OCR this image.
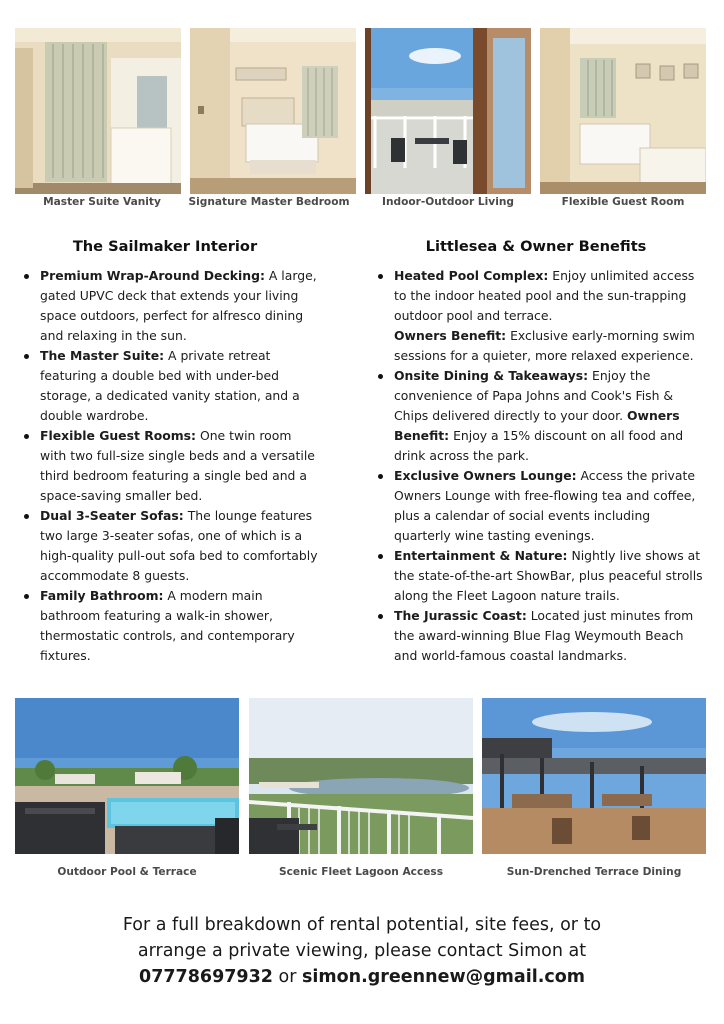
Master Suite Vanity	Signature Master Bedroom	Indoor-Outdoor Living	Flexible Guest Room
The Sailmaker Interior
Premium Wrap-Around Decking: A large, gated UPVC deck that extends your living space outdoors, perfect for alfresco dining and relaxing in the sun.
The Master Suite: A private retreat featuring a double bed with under-bed storage, a dedicated vanity station, and a double wardrobe.
Flexible Guest Rooms: One twin room with two full-size single beds and a versatile third bedroom featuring a single bed and a space-saving smaller bed.
Dual 3-Seater Sofas: The lounge features two large 3-seater sofas, one of which is a high-quality pull-out sofa bed to comfortably accommodate 8 guests.
Family Bathroom: A modern main bathroom featuring a walk-in shower, thermostatic controls, and contemporary fixtures.
Littlesea & Owner Benefits
Heated Pool Complex: Enjoy unlimited access to the indoor heated pool and the sun-trapping outdoor pool and terrace.
Owners Benefit: Exclusive early-morning swim sessions for a quieter, more relaxed experience.
Onsite Dining & Takeaways: Enjoy the convenience of Papa Johns and Cook's Fish & Chips delivered directly to your door. Owners Benefit: Enjoy a 15% discount on all food and drink across the park.
Exclusive Owners Lounge: Access the private Owners Lounge with free-flowing tea and coffee, plus a calendar of social events including quarterly wine tasting evenings.
Entertainment & Nature: Nightly live shows at the state-of-the-art ShowBar, plus peaceful strolls along the Fleet Lagoon nature trails.
The Jurassic Coast: Located just minutes from the award-winning Blue Flag Weymouth Beach and world-famous coastal landmarks.
Outdoor Pool & Terrace	Scenic Fleet Lagoon Access	Sun-Drenched Terrace Dining
For a full breakdown of rental potential, site fees, or to
arrange a private viewing, please contact Simon at
07778697932 or simon.greennew@gmail.com
